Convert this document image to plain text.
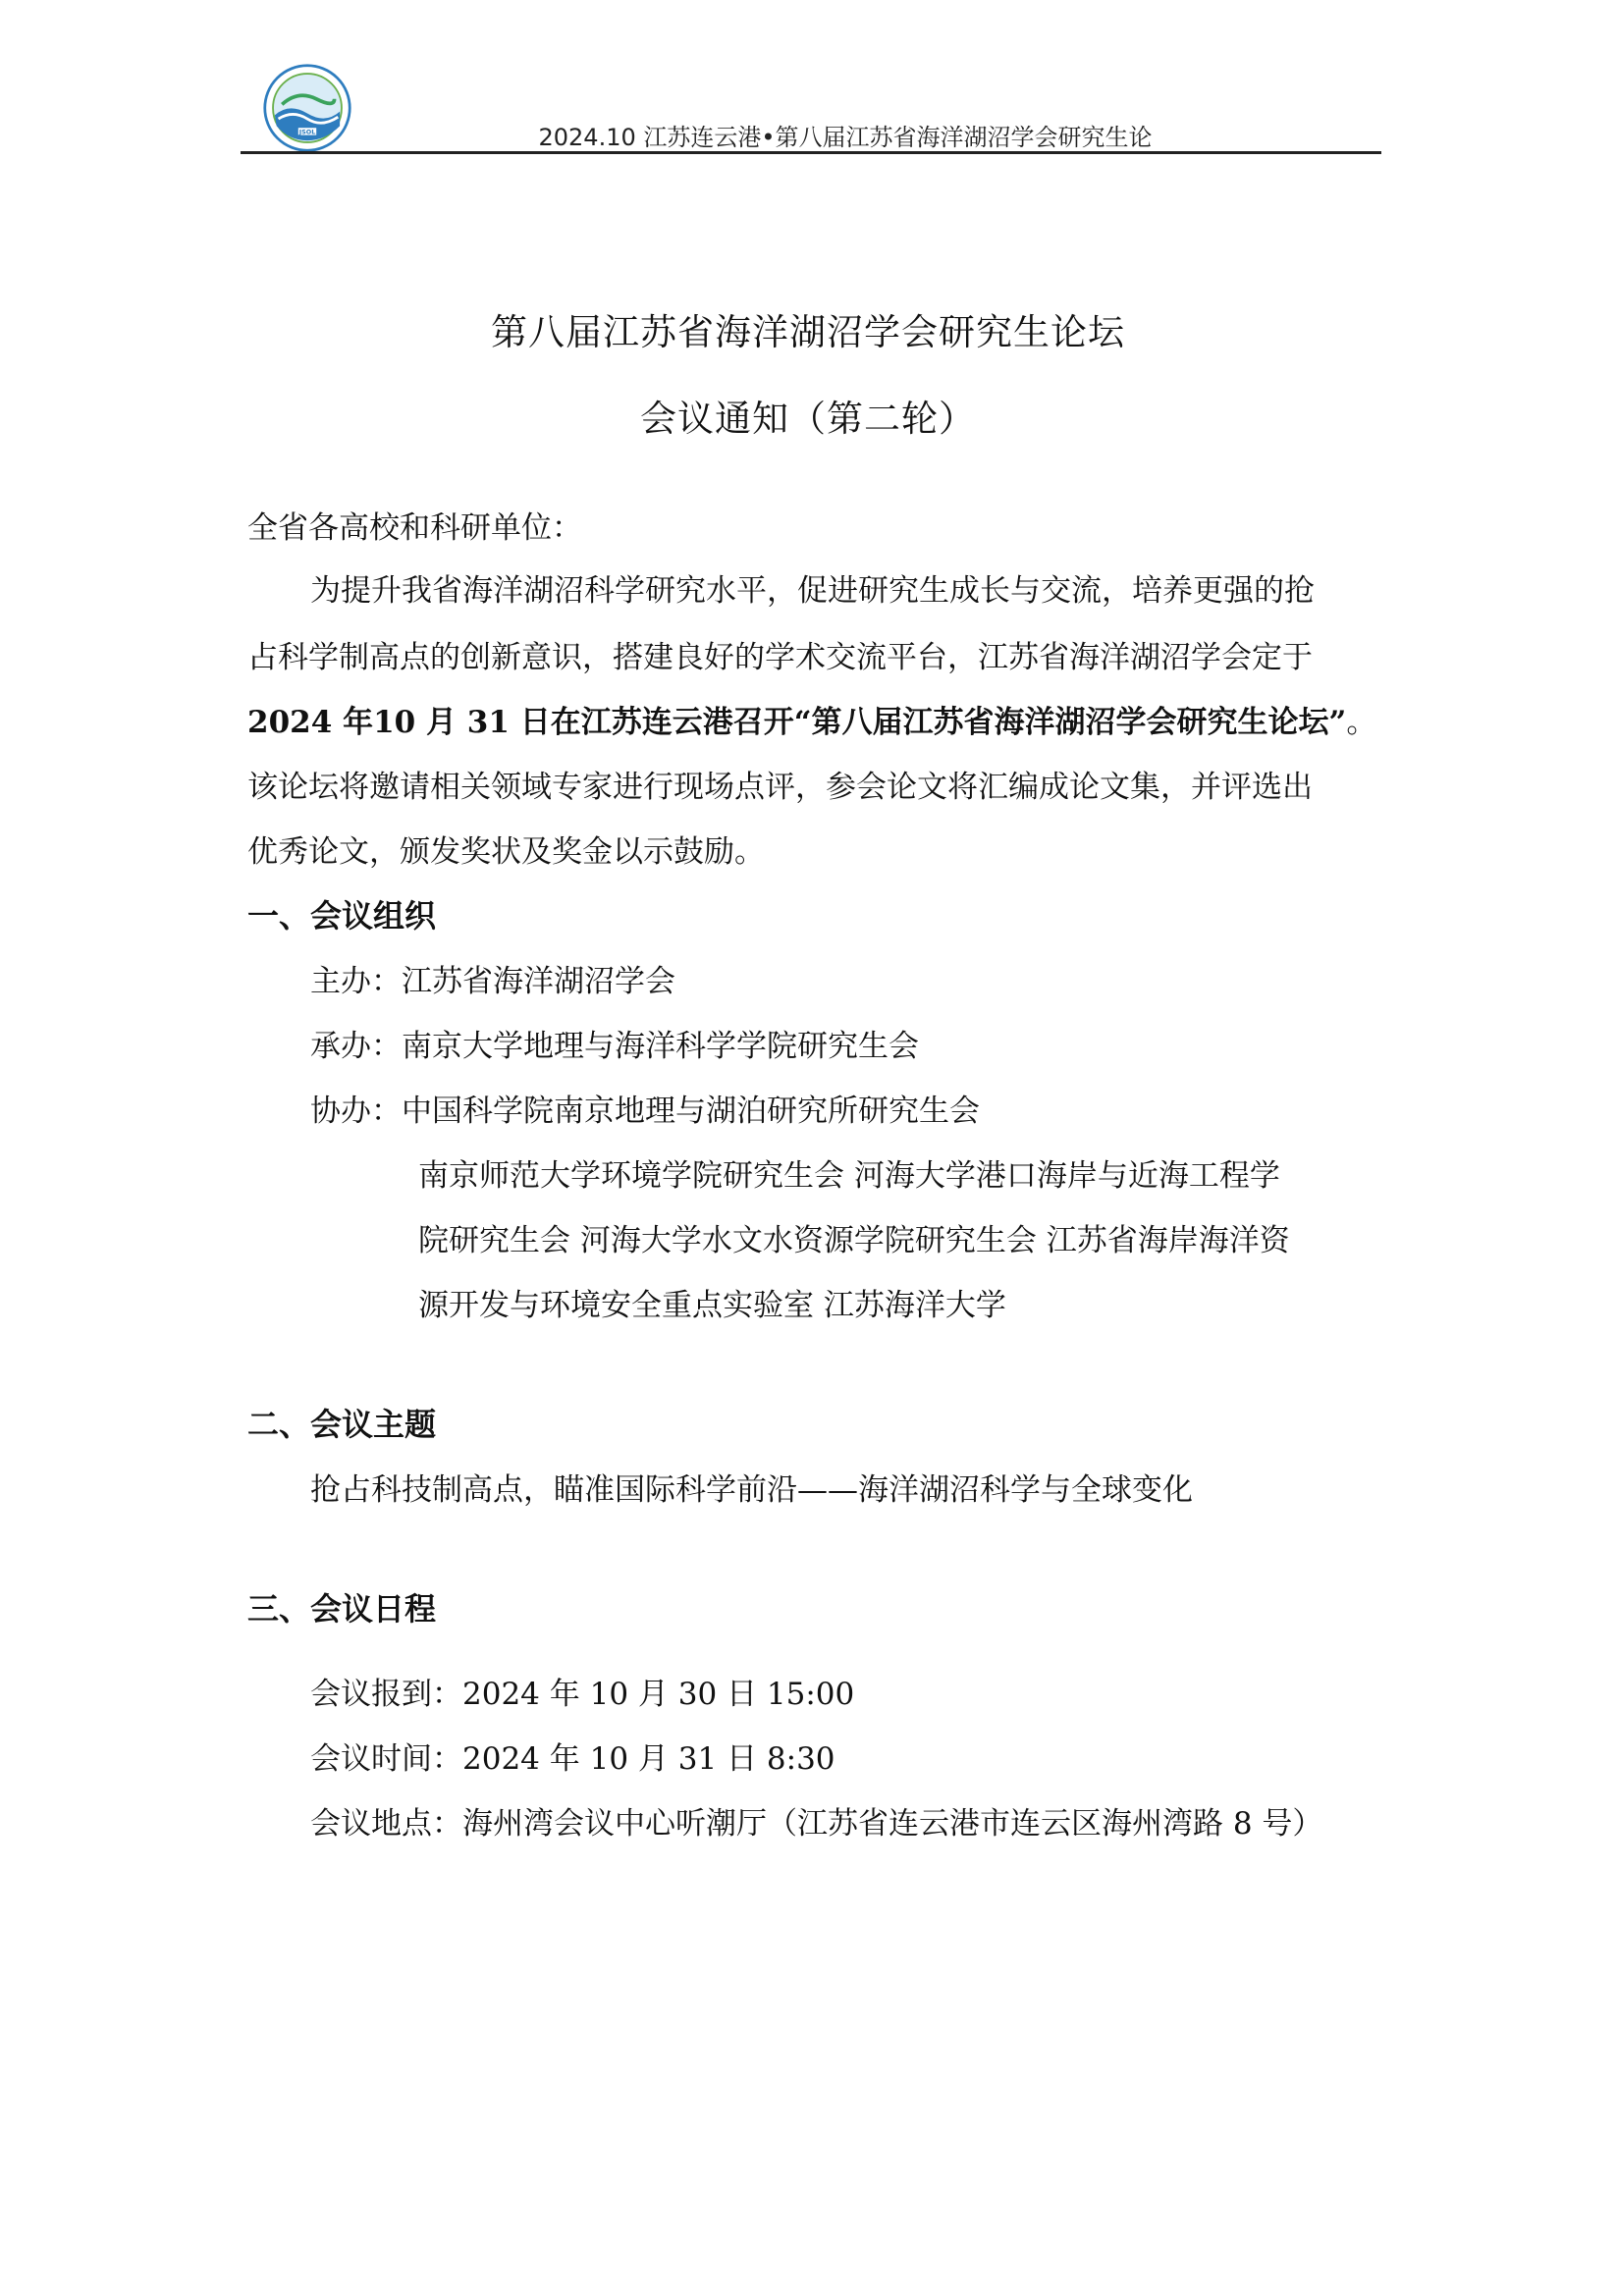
JSOL	2024.10 江苏连云港•第八届江苏省海洋湖沼学会研究生论
第八届江苏省海洋湖沼学会研究生论坛
会议通知（第二轮）
全省各高校和科研单位：
为提升我省海洋湖沼科学研究水平，促进研究生成长与交流，培养更强的抢
占科学制高点的创新意识，搭建良好的学术交流平台，江苏省海洋湖沼学会定于
2024 年10 月 31 日在江苏连云港召开“第八届江苏省海洋湖沼学会研究生论坛”。
该论坛将邀请相关领域专家进行现场点评，参会论文将汇编成论文集，并评选出
优秀论文，颁发奖状及奖金以示鼓励。
一、会议组织
主办：江苏省海洋湖沼学会
承办：南京大学地理与海洋科学学院研究生会
协办：中国科学院南京地理与湖泊研究所研究生会
南京师范大学环境学院研究生会 河海大学港口海岸与近海工程学
院研究生会 河海大学水文水资源学院研究生会 江苏省海岸海洋资
源开发与环境安全重点实验室 江苏海洋大学
二、会议主题
抢占科技制高点，瞄准国际科学前沿——海洋湖沼科学与全球变化
三、会议日程
会议报到：2024 年 10 月 30 日 15:00
会议时间：2024 年 10 月 31 日 8:30
会议地点：海州湾会议中心听潮厅（江苏省连云港市连云区海州湾路 8 号）
